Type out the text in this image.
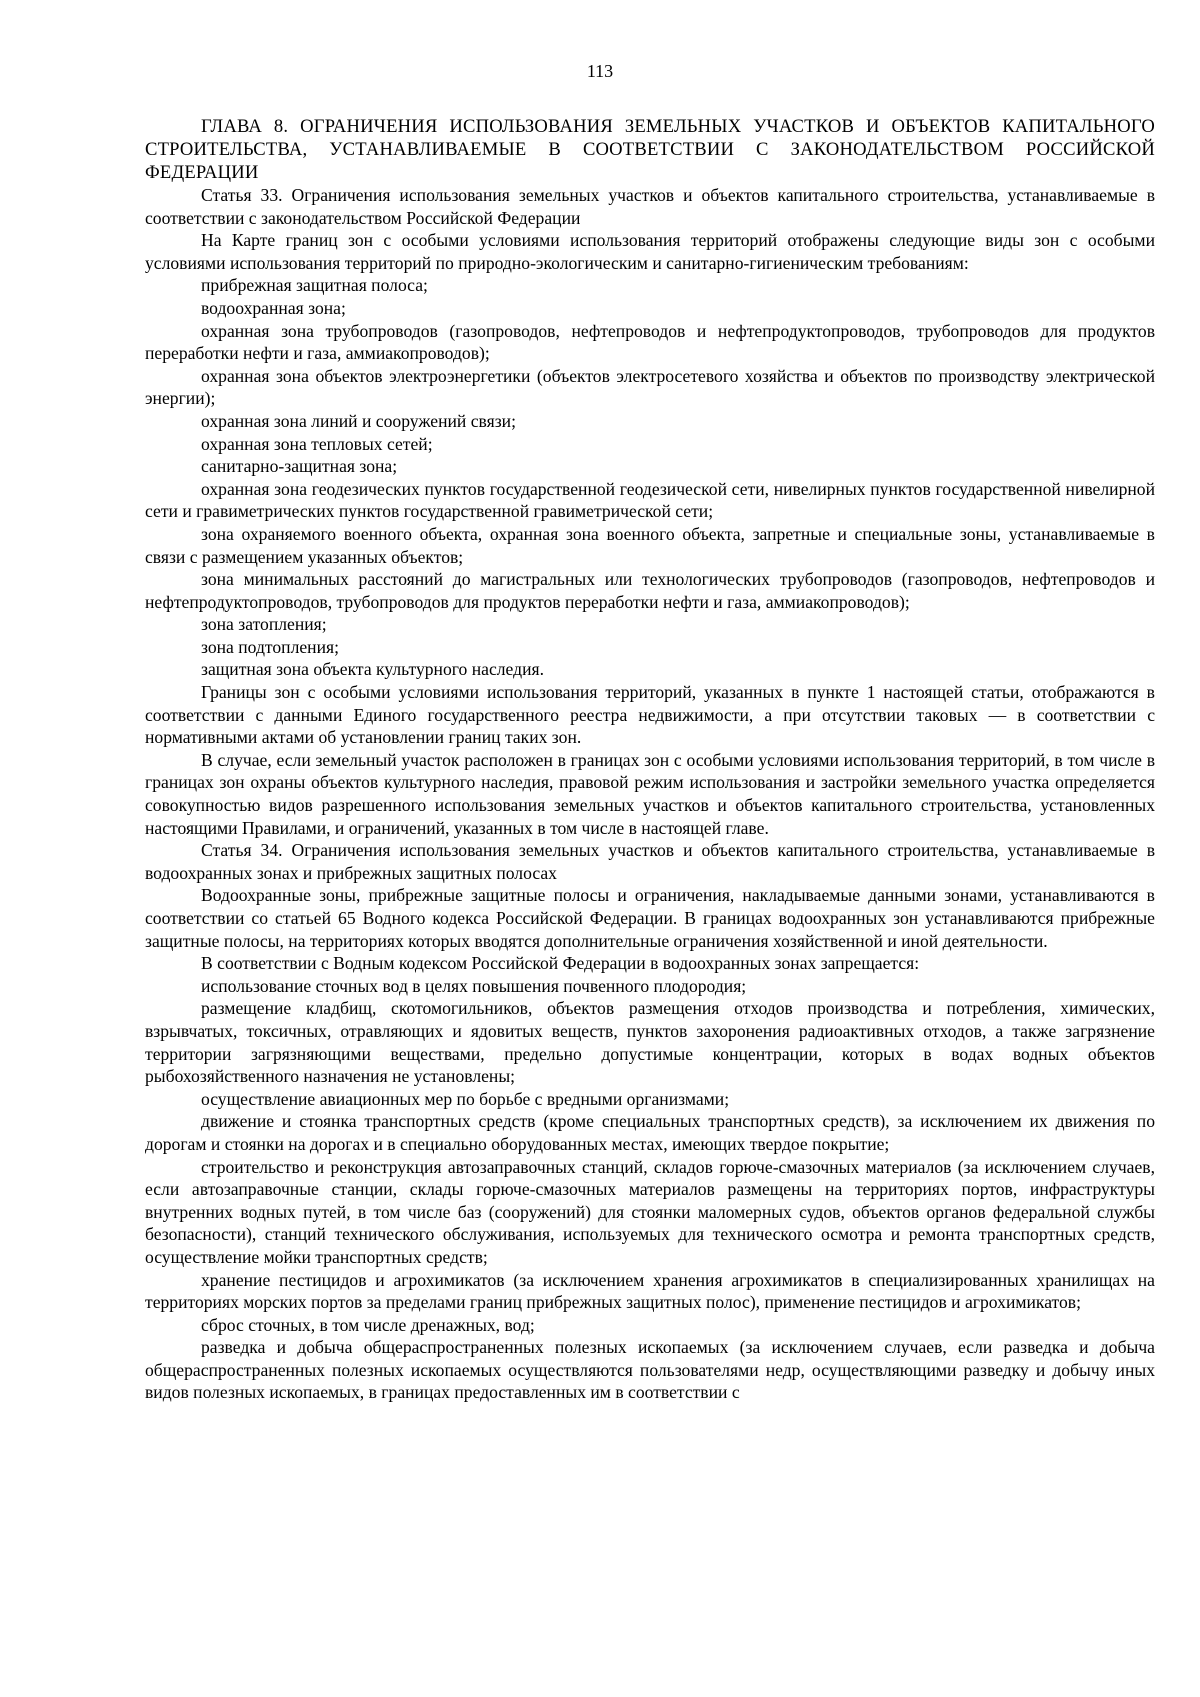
113

ГЛАВА 8. ОГРАНИЧЕНИЯ ИСПОЛЬЗОВАНИЯ ЗЕМЕЛЬНЫХ УЧАСТКОВ И ОБЪЕКТОВ КАПИТАЛЬНОГО СТРОИТЕЛЬСТВА, УСТАНАВЛИВАЕМЫЕ В СООТВЕТСТВИИ С ЗАКОНОДАТЕЛЬСТВОМ РОССИЙСКОЙ ФЕДЕРАЦИИ

Статья 33. Ограничения использования земельных участков и объектов капитального строительства, устанавливаемые в соответствии с законодательством Российской Федерации

На Карте границ зон с особыми условиями использования территорий отображены следующие виды зон с особыми условиями использования территорий по природно-экологическим и санитарно-гигиеническим требованиям:

прибрежная защитная полоса;

водоохранная зона;

охранная зона трубопроводов (газопроводов, нефтепроводов и нефтепродуктопроводов, трубопроводов для продуктов переработки нефти и газа, аммиакопроводов);

охранная зона объектов электроэнергетики (объектов электросетевого хозяйства и объектов по производству электрической энергии);

охранная зона линий и сооружений связи;

охранная зона тепловых сетей;

санитарно-защитная зона;

охранная зона геодезических пунктов государственной геодезической сети, нивелирных пунктов государственной нивелирной сети и гравиметрических пунктов государственной гравиметрической сети;

зона охраняемого военного объекта, охранная зона военного объекта, запретные и специальные зоны, устанавливаемые в связи с размещением указанных объектов;

зона минимальных расстояний до магистральных или технологических трубопроводов (газопроводов, нефтепроводов и нефтепродуктопроводов, трубопроводов для продуктов переработки нефти и газа, аммиакопроводов);

зона затопления;

зона подтопления;

защитная зона объекта культурного наследия.

Границы зон с особыми условиями использования территорий, указанных в пункте 1 настоящей статьи, отображаются в соответствии с данными Единого государственного реестра недвижимости, а при отсутствии таковых — в соответствии с нормативными актами об установлении границ таких зон.

В случае, если земельный участок расположен в границах зон с особыми условиями использования территорий, в том числе в границах зон охраны объектов культурного наследия, правовой режим использования и застройки земельного участка определяется совокупностью видов разрешенного использования земельных участков и объектов капитального строительства, установленных настоящими Правилами, и ограничений, указанных в том числе в настоящей главе.

Статья 34. Ограничения использования земельных участков и объектов капитального строительства, устанавливаемые в водоохранных зонах и прибрежных защитных полосах

Водоохранные зоны, прибрежные защитные полосы и ограничения, накладываемые данными зонами, устанавливаются в соответствии со статьей 65 Водного кодекса Российской Федерации. В границах водоохранных зон устанавливаются прибрежные защитные полосы, на территориях которых вводятся дополнительные ограничения хозяйственной и иной деятельности.

В соответствии с Водным кодексом Российской Федерации в водоохранных зонах запрещается:

использование сточных вод в целях повышения почвенного плодородия;

размещение кладбищ, скотомогильников, объектов размещения отходов производства и потребления, химических, взрывчатых, токсичных, отравляющих и ядовитых веществ, пунктов захоронения радиоактивных отходов, а также загрязнение территории загрязняющими веществами, предельно допустимые концентрации, которых в водах водных объектов рыбохозяйственного назначения не установлены;

осуществление авиационных мер по борьбе с вредными организмами;

движение и стоянка транспортных средств (кроме специальных транспортных средств), за исключением их движения по дорогам и стоянки на дорогах и в специально оборудованных местах, имеющих твердое покрытие;

строительство и реконструкция автозаправочных станций, складов горюче-смазочных материалов (за исключением случаев, если автозаправочные станции, склады горюче-смазочных материалов размещены на территориях портов, инфраструктуры внутренних водных путей, в том числе баз (сооружений) для стоянки маломерных судов, объектов органов федеральной службы безопасности), станций технического обслуживания, используемых для технического осмотра и ремонта транспортных средств, осуществление мойки транспортных средств;

хранение пестицидов и агрохимикатов (за исключением хранения агрохимикатов в специализированных хранилищах на территориях морских портов за пределами границ прибрежных защитных полос), применение пестицидов и агрохимикатов;

сброс сточных, в том числе дренажных, вод;

разведка и добыча общераспространенных полезных ископаемых (за исключением случаев, если разведка и добыча общераспространенных полезных ископаемых осуществляются пользователями недр, осуществляющими разведку и добычу иных видов полезных ископаемых, в границах предоставленных им в соответствии с
